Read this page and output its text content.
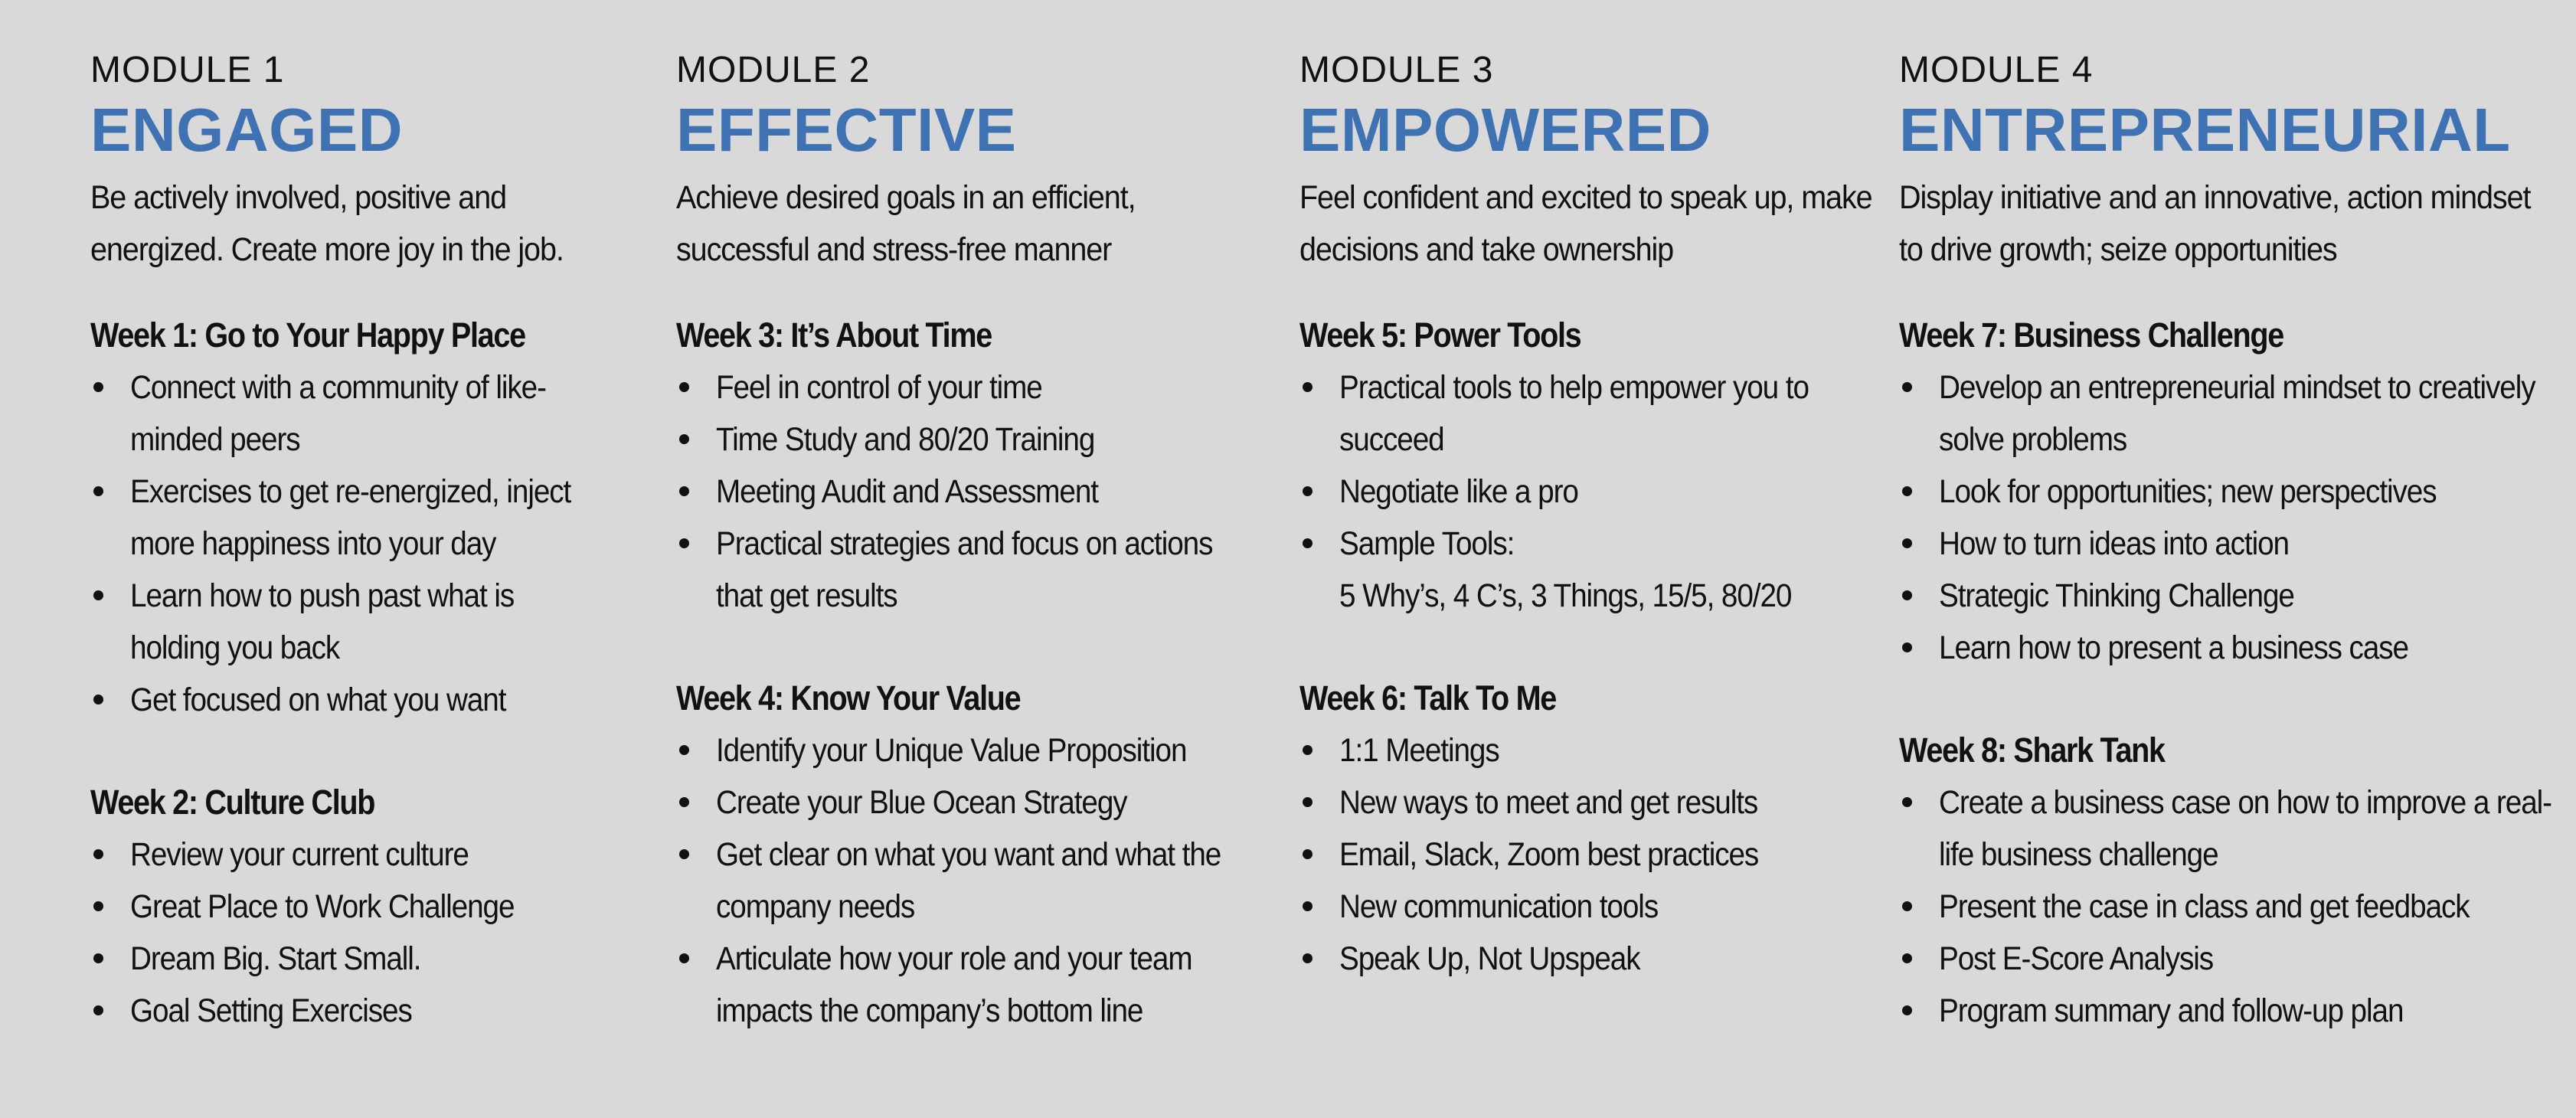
MODULE 1
ENGAGED
Be actively involved, positive and energized. Create more joy in the job.
Week 1: Go to Your Happy Place
Connect with a community of like-minded peers
Exercises to get re-energized, inject more happiness into your day
Learn how to push past what is holding you back
Get focused on what you want
Week 2: Culture Club
Review your current culture
Great Place to Work Challenge
Dream Big. Start Small.
Goal Setting Exercises
MODULE 2
EFFECTIVE
Achieve desired goals in an efficient, successful and stress-free manner
Week 3: It’s About Time
Feel in control of your time
Time Study and 80/20 Training
Meeting Audit and Assessment
Practical strategies and focus on actions that get results
Week 4: Know Your Value
Identify your Unique Value Proposition
Create your Blue Ocean Strategy
Get clear on what you want and what the company needs
Articulate how your role and your team impacts the company’s bottom line
MODULE 3
EMPOWERED
Feel confident and excited to speak up, make decisions and take ownership
Week 5: Power Tools
Practical tools to help empower you to succeed
Negotiate like a pro
Sample Tools:
5 Why’s, 4 C’s, 3 Things, 15/5, 80/20
Week 6: Talk To Me
1:1 Meetings
New ways to meet and get results
Email, Slack, Zoom best practices
New communication tools
Speak Up, Not Upspeak
MODULE 4
ENTREPRENEURIAL
Display initiative and an innovative, action mindset to drive growth; seize opportunities
Week 7: Business Challenge
Develop an entrepreneurial mindset to creatively solve problems
Look for opportunities; new perspectives
How to turn ideas into action
Strategic Thinking Challenge
Learn how to present a business case
Week 8: Shark Tank
Create a business case on how to improve a real-life business challenge
Present the case in class and get feedback
Post E-Score Analysis
Program summary and follow-up plan
